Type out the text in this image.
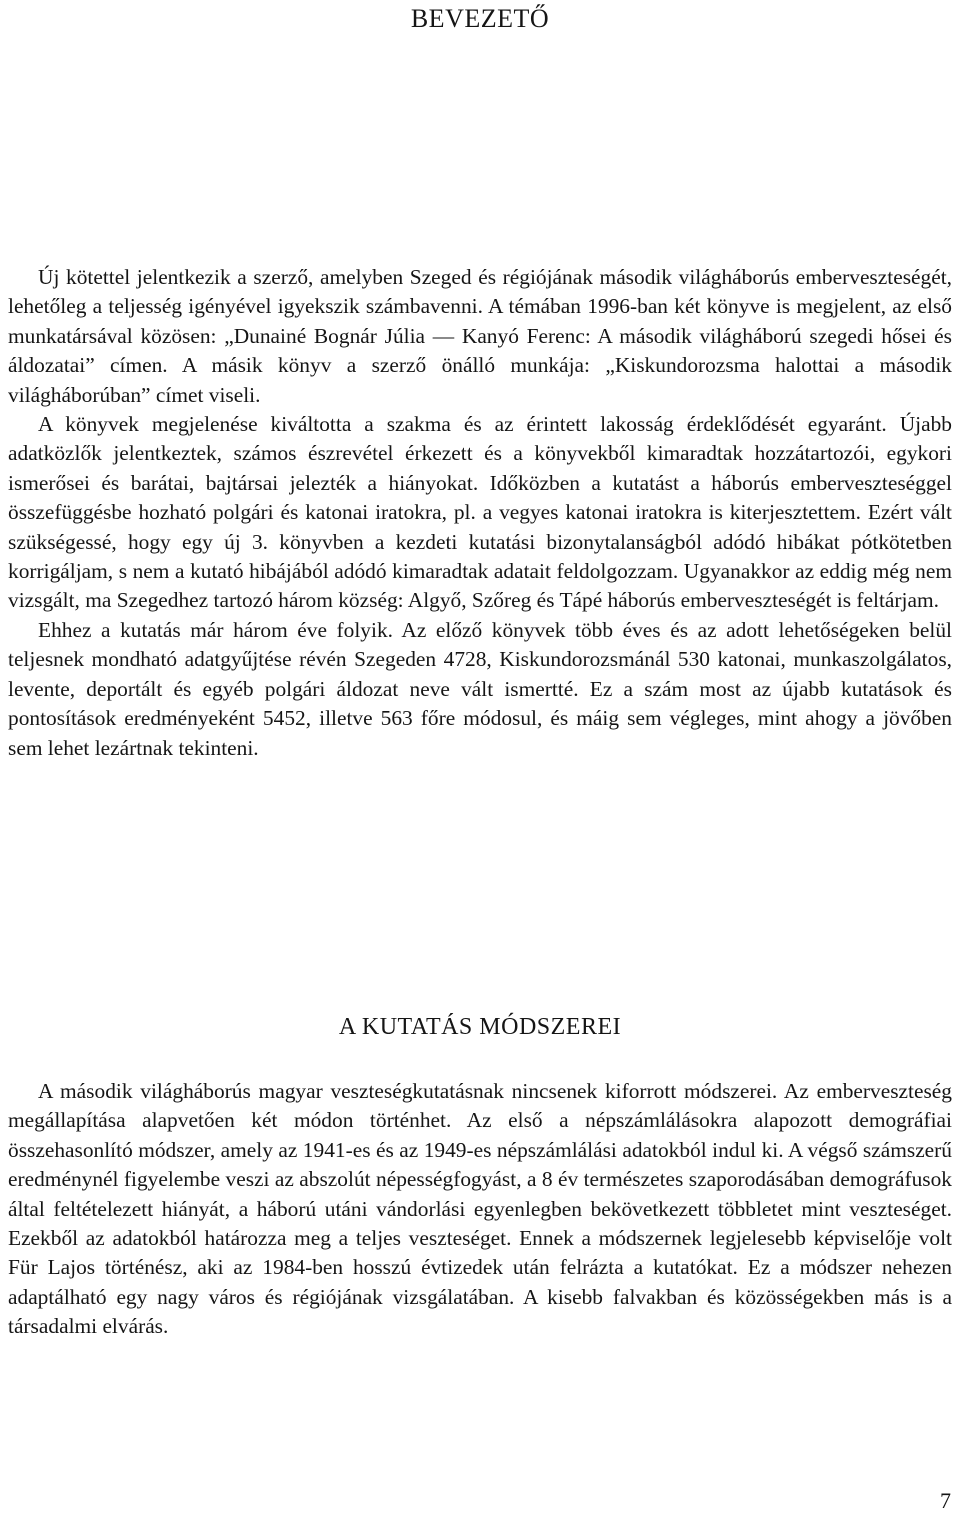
BEVEZETŐ

Új kötettel jelentkezik a szerző, amelyben Szeged és régiójának második világháborús emberveszteségét, lehetőleg a teljesség igényével igyekszik számbavenni. A témában 1996-ban két könyve is megjelent, az első munkatársával közösen: „Dunainé Bognár Júlia — Kanyó Ferenc: A második világháború szegedi hősei és áldozatai” címen. A másik könyv a szerző önálló munkája: „Kiskundorozsma halottai a második világháborúban” címet viseli.

A könyvek megjelenése kiváltotta a szakma és az érintett lakosság érdeklődését egyaránt. Újabb adatközlők jelentkeztek, számos észrevétel érkezett és a könyvekből kimaradtak hozzátartozói, egykori ismerősei és barátai, bajtársai jelezték a hiányokat. Időközben a kutatást a háborús emberveszteséggel összefüggésbe hozható polgári és katonai iratokra, pl. a vegyes katonai iratokra is kiterjesztettem. Ezért vált szükségessé, hogy egy új 3. könyvben a kezdeti kutatási bizonytalanságból adódó hibákat pótkötetben korrigáljam, s nem a kutató hibájából adódó kimaradtak adatait feldolgozzam. Ugyanakkor az eddig még nem vizsgált, ma Szegedhez tartozó három község: Algyő, Szőreg és Tápé háborús emberveszteségét is feltárjam.

Ehhez a kutatás már három éve folyik. Az előző könyvek több éves és az adott lehetőségeken belül teljesnek mondható adatgyűjtése révén Szegeden 4728, Kiskundorozsmánál 530 katonai, munkaszolgálatos, levente, deportált és egyéb polgári áldozat neve vált ismertté. Ez a szám most az újabb kutatások és pontosítások eredményeként 5452, illetve 563 főre módosul, és máig sem végleges, mint ahogy a jövőben sem lehet lezártnak tekinteni.

A KUTATÁS MÓDSZEREI

A második világháborús magyar veszteségkutatásnak nincsenek kiforrott módszerei. Az emberveszteség megállapítása alapvetően két módon történhet. Az első a népszámlálásokra alapozott demográfiai összehasonlító módszer, amely az 1941-es és az 1949-es népszámlálási adatokból indul ki. A végső számszerű eredménynél figyelembe veszi az abszolút népességfogyást, a 8 év természetes szaporodásában demográfusok által feltételezett hiányát, a háború utáni vándorlási egyenlegben bekövetkezett többletet mint veszteséget. Ezekből az adatokból határozza meg a teljes veszteséget. Ennek a módszernek legjelesebb képviselője volt Für Lajos történész, aki az 1984-ben hosszú évtizedek után felrázta a kutatókat. Ez a módszer nehezen adaptálható egy nagy város és régiójának vizsgálatában. A kisebb falvakban és közösségekben más is a társadalmi elvárás.

7
